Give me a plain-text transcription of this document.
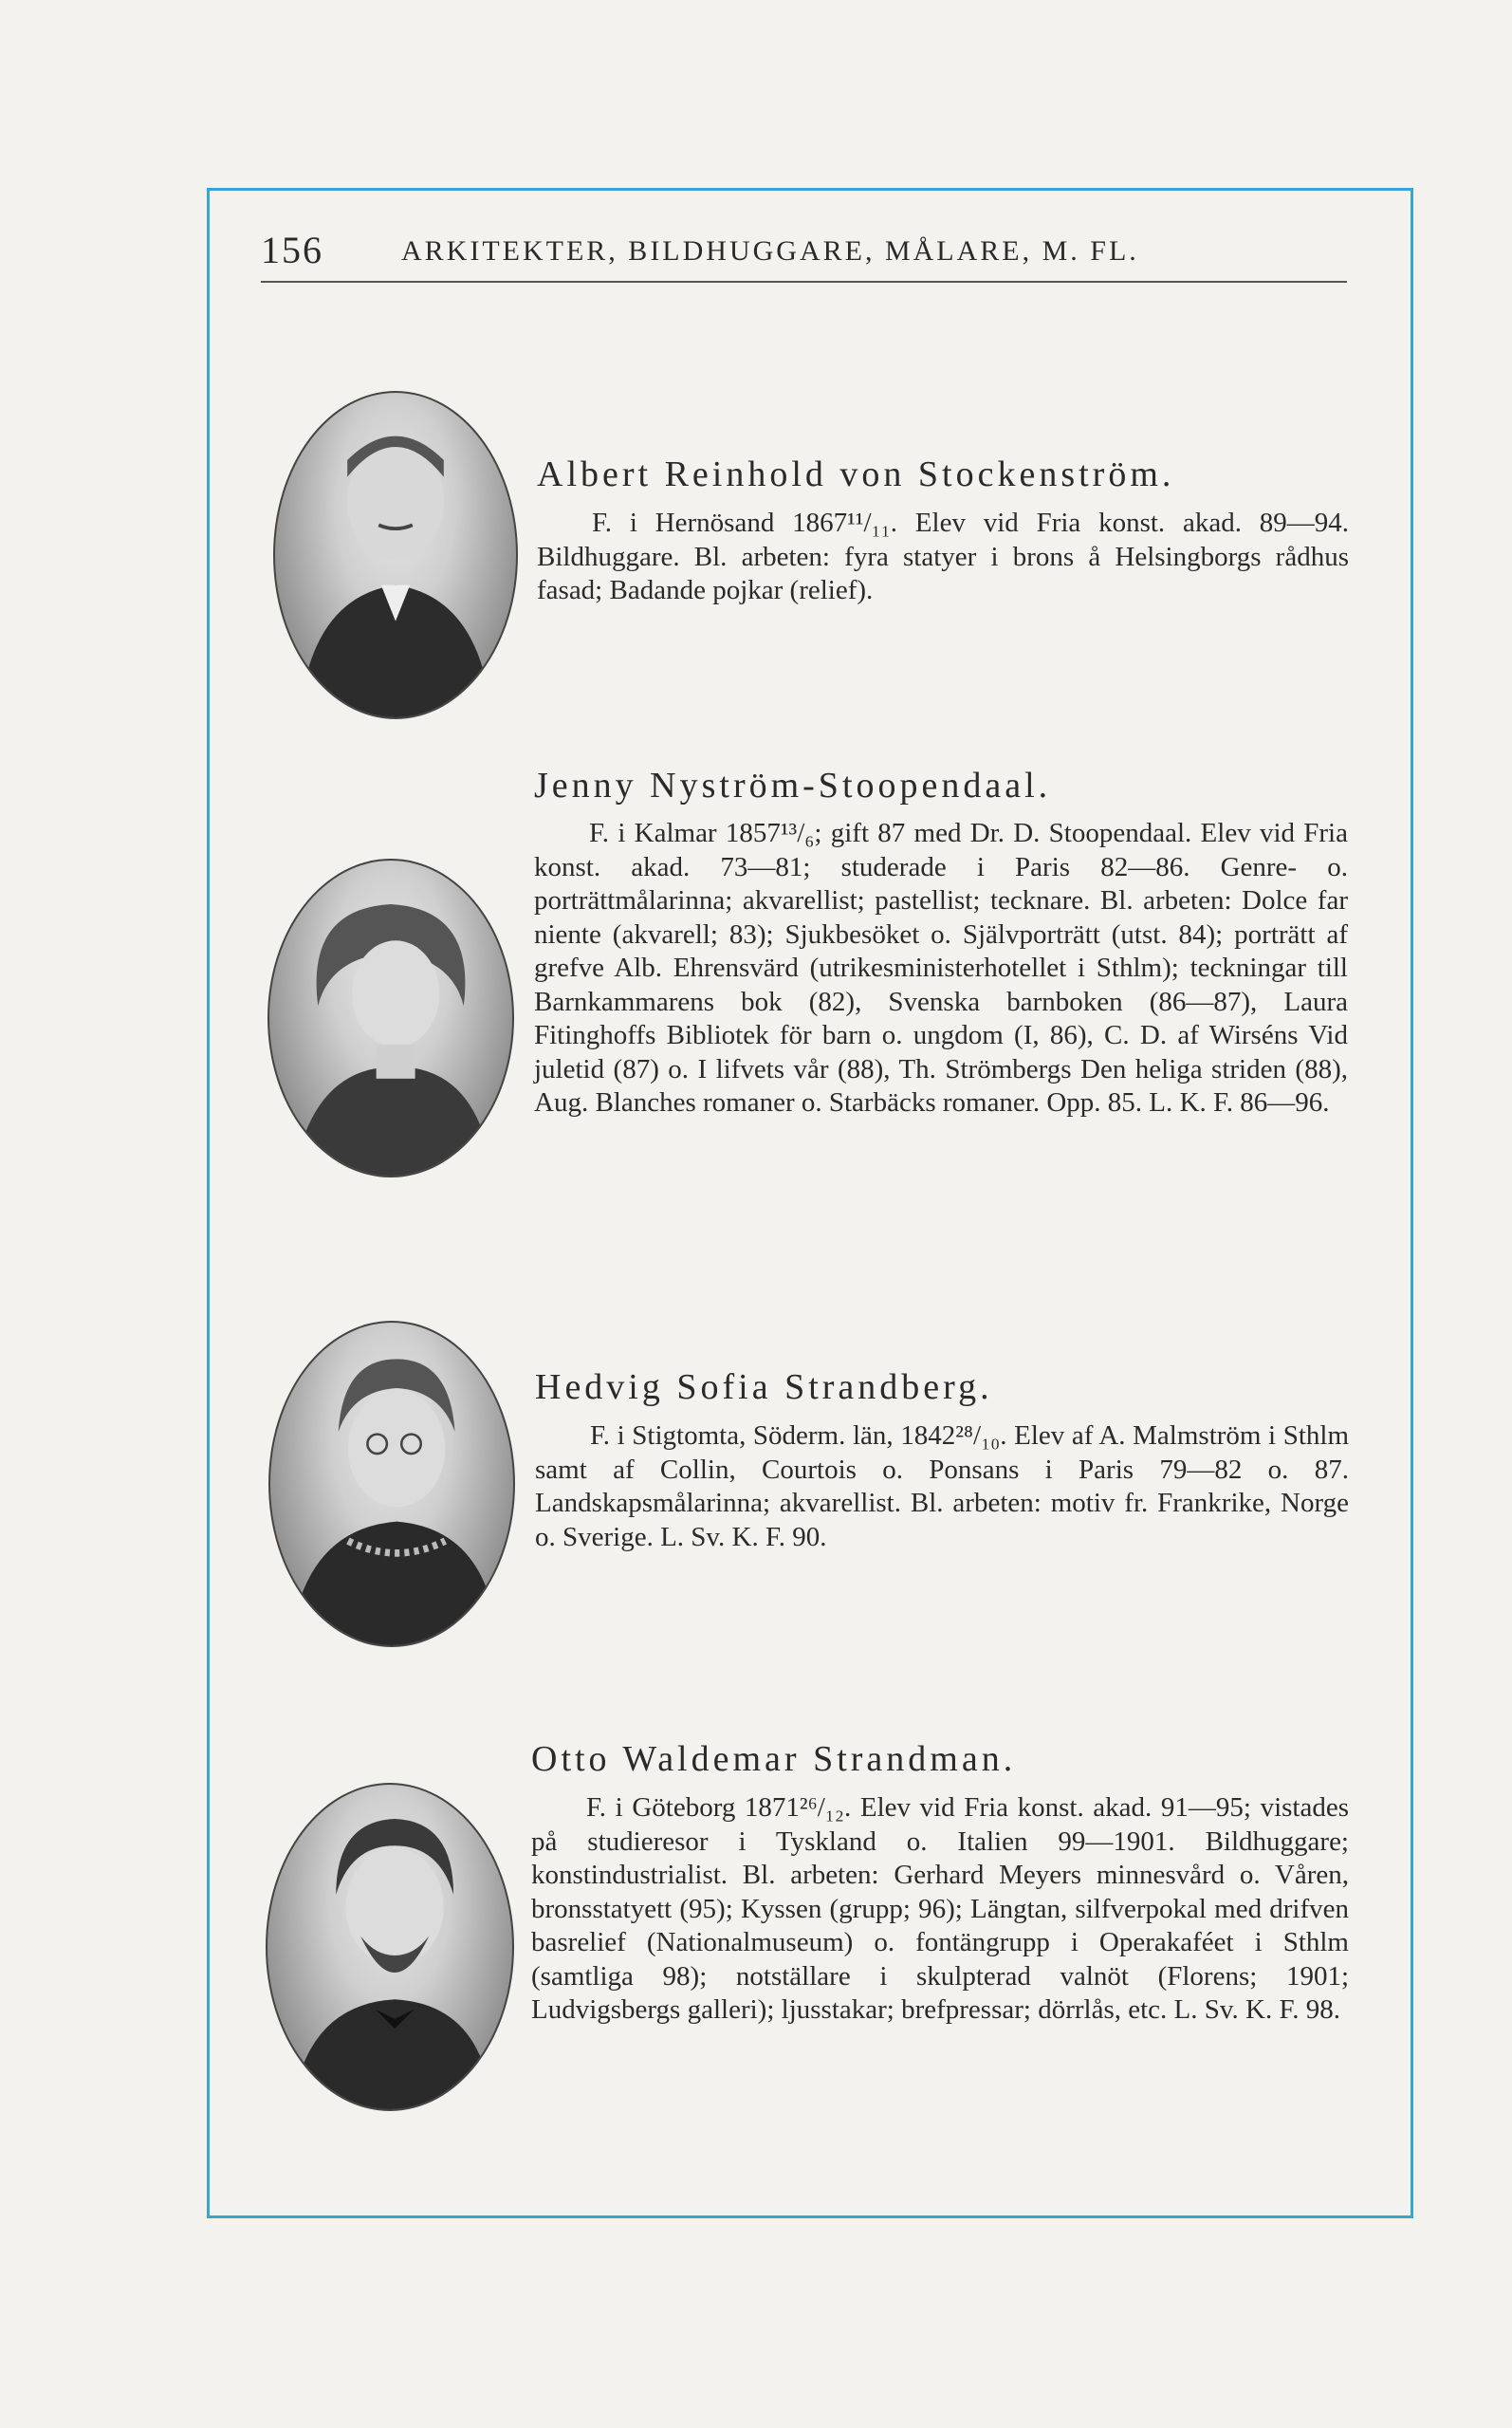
156	ARKITEKTER, BILDHUGGARE, MÅLARE, M. FL.
Albert Reinhold von Stockenström.
F. i Hernösand 1867¹¹/₁₁. Elev vid Fria konst. akad. 89—94. Bildhuggare. Bl. arbeten: fyra statyer i brons å Helsingborgs rådhus fasad; Badande pojkar (relief).
Jenny Nyström-Stoopendaal.
F. i Kalmar 1857¹³/₆; gift 87 med Dr. D. Stoopendaal. Elev vid Fria konst. akad. 73—81; studerade i Paris 82—86. Genre- o. porträttmålarinna; akvarellist; pastellist; tecknare. Bl. arbeten: Dolce far niente (akvarell; 83); Sjukbesöket o. Självporträtt (utst. 84); porträtt af grefve Alb. Ehrensvärd (utrikesministerhotellet i Sthlm); teckningar till Barnkammarens bok (82), Svenska barnboken (86—87), Laura Fitinghoffs Bibliotek för barn o. ungdom (I, 86), C. D. af Wirséns Vid juletid (87) o. I lifvets vår (88), Th. Strömbergs Den heliga striden (88), Aug. Blanches romaner o. Starbäcks romaner. Opp. 85. L. K. F. 86—96.
Hedvig Sofia Strandberg.
F. i Stigtomta, Söderm. län, 1842²⁸/₁₀. Elev af A. Malmström i Sthlm samt af Collin, Courtois o. Ponsans i Paris 79—82 o. 87. Landskapsmålarinna; akvarellist. Bl. arbeten: motiv fr. Frankrike, Norge o. Sverige. L. Sv. K. F. 90.
Otto Waldemar Strandman.
F. i Göteborg 1871²⁶/₁₂. Elev vid Fria konst. akad. 91—95; vistades på studieresor i Tyskland o. Italien 99—1901. Bildhuggare; konstindustrialist. Bl. arbeten: Gerhard Meyers minnesvård o. Våren, bronsstatyett (95); Kyssen (grupp; 96); Längtan, silfverpokal med drifven basrelief (Nationalmuseum) o. fontängrupp i Operakaféet i Sthlm (samtliga 98); notställare i skulpterad valnöt (Florens; 1901; Ludvigsbergs galleri); ljusstakar; brefpressar; dörrlås, etc. L. Sv. K. F. 98.
